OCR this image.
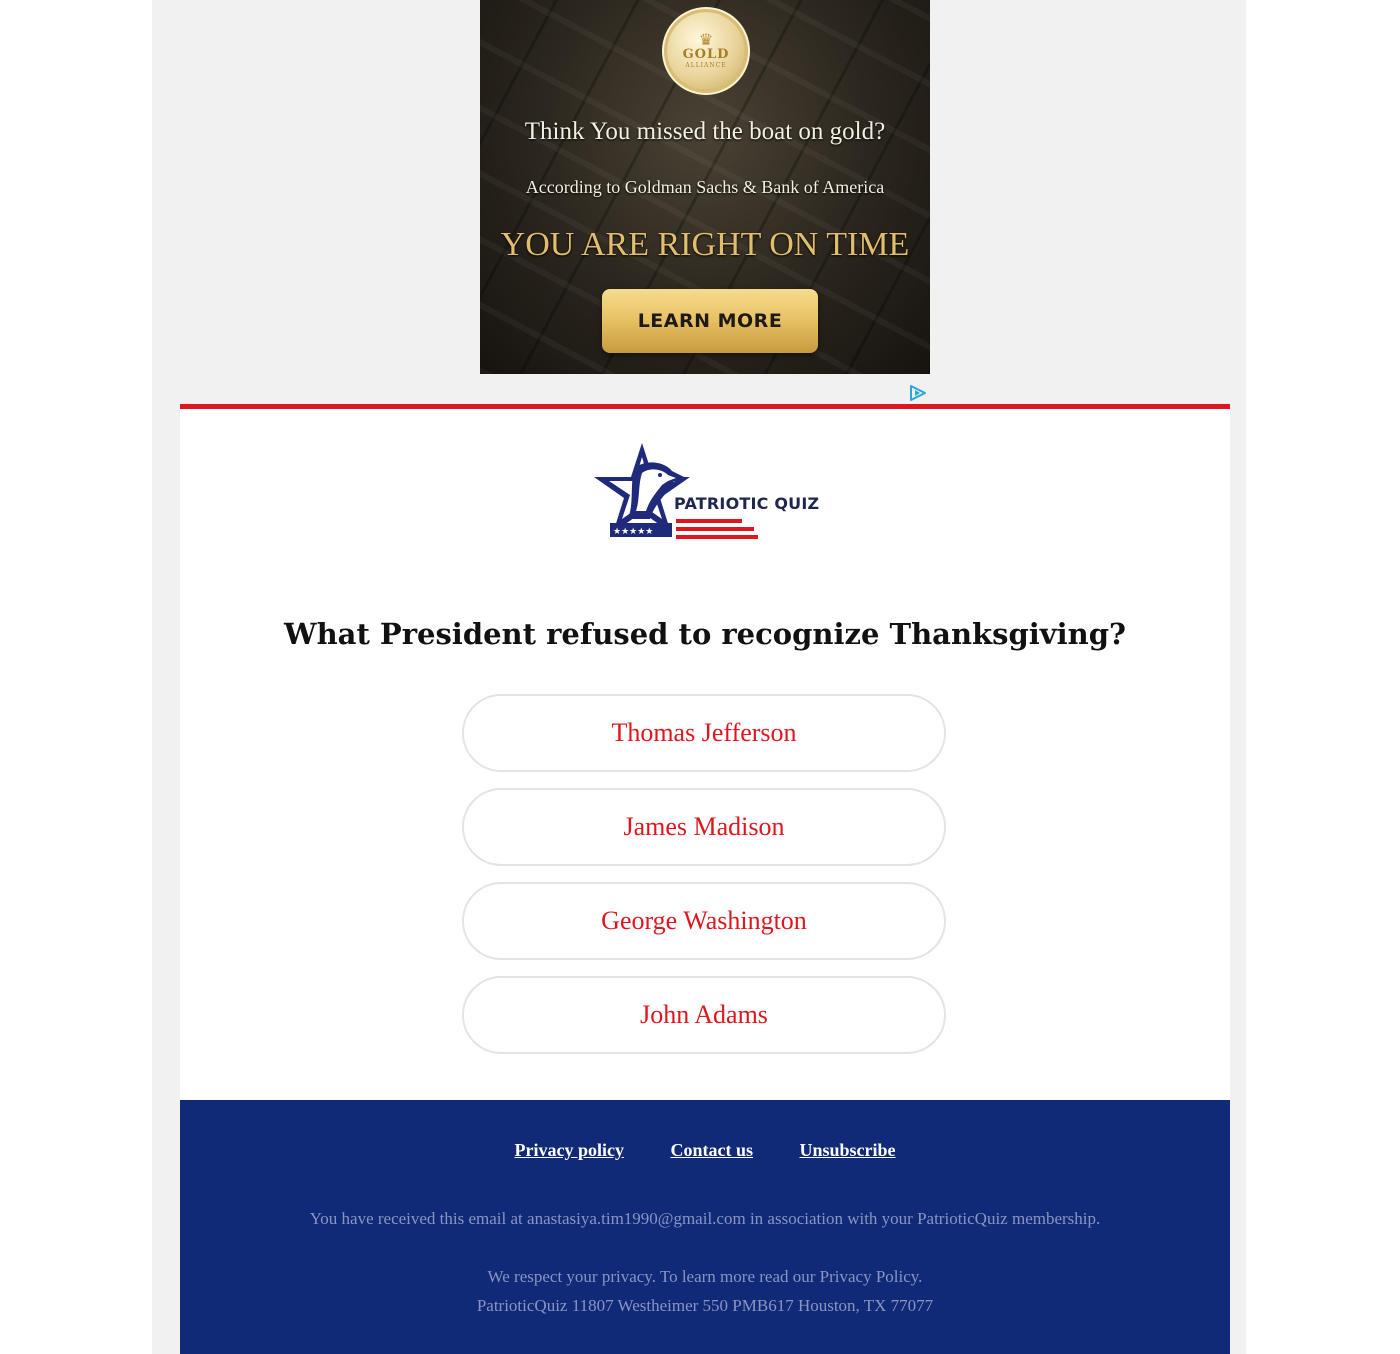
♛
GOLD
ALLIANCE
Think You missed the boat on gold?
According to Goldman Sachs & Bank of America
YOU ARE RIGHT ON TIME
LEARN MORE
★★★★★
PATRIOTIC QUIZ
What President refused to recognize Thanksgiving?
Thomas Jefferson
James Madison
George Washington
John Adams
Privacy policy	Contact us	Unsubscribe
You have received this email at anastasiya.tim1990@gmail.com in association with your PatrioticQuiz membership.
We respect your privacy. To learn more read our Privacy Policy.
PatrioticQuiz 11807 Westheimer 550 PMB617 Houston, TX 77077
